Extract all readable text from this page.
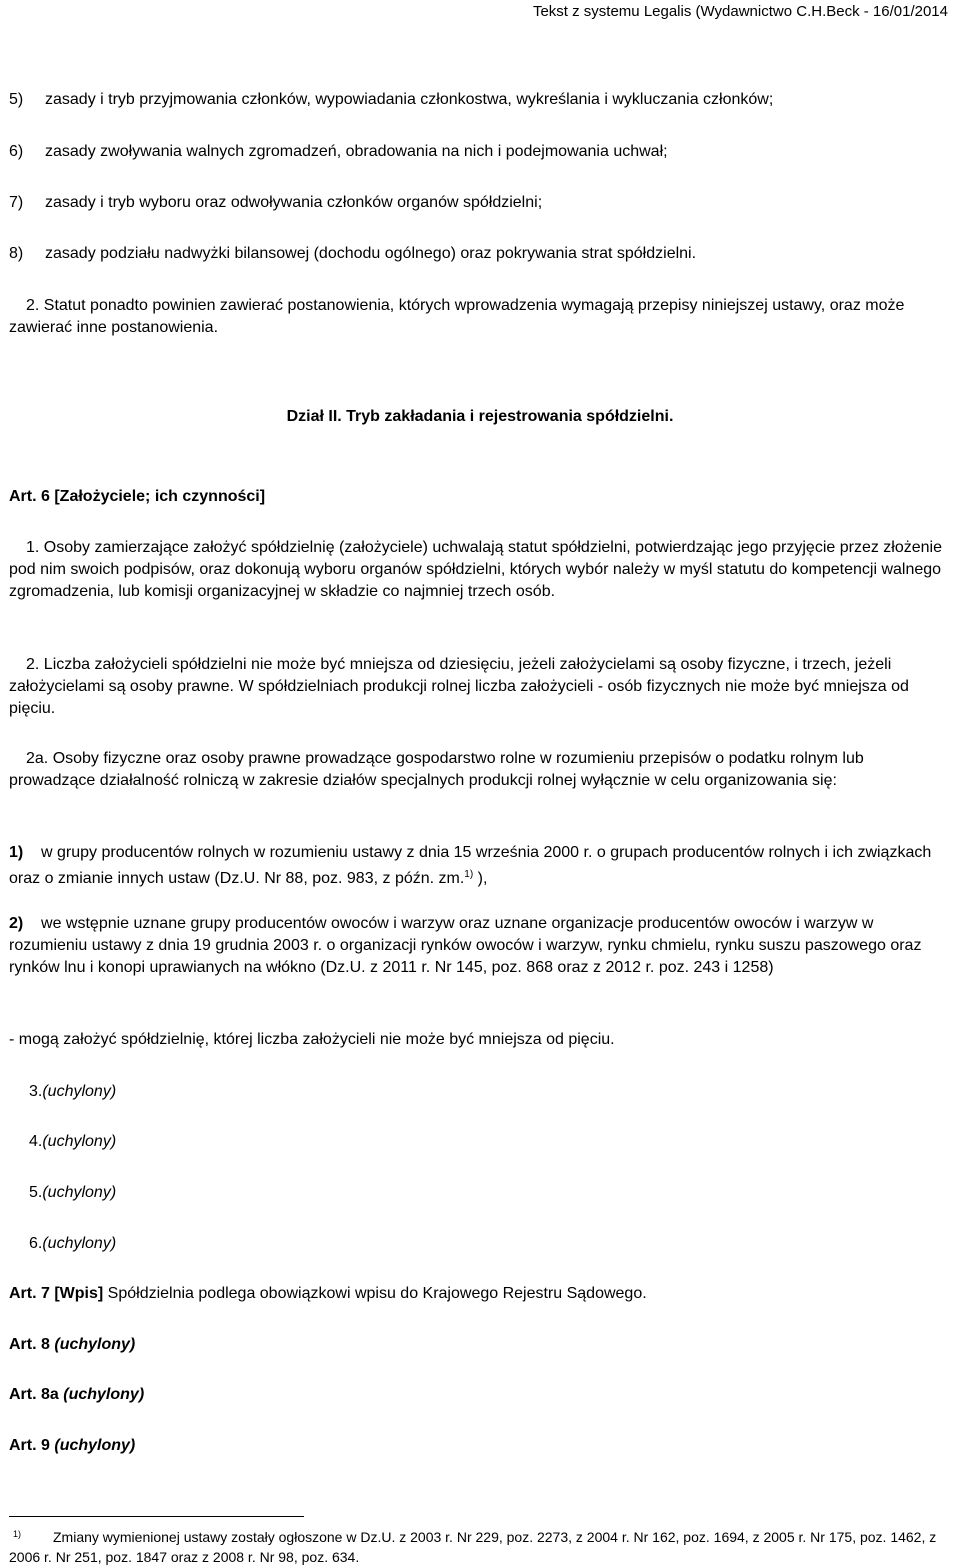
Tekst z systemu Legalis (Wydawnictwo C.H.Beck - 16/01/2014
5) zasady i tryb przyjmowania członków, wypowiadania członkostwa, wykreślania i wykluczania członków;
6) zasady zwoływania walnych zgromadzeń, obradowania na nich i podejmowania uchwał;
7) zasady i tryb wyboru oraz odwoływania członków organów spółdzielni;
8) zasady podziału nadwyżki bilansowej (dochodu ogólnego) oraz pokrywania strat spółdzielni.
2. Statut ponadto powinien zawierać postanowienia, których wprowadzenia wymagają przepisy niniejszej ustawy, oraz może zawierać inne postanowienia.
Dział II. Tryb zakładania i rejestrowania spółdzielni.
Art. 6 [Założyciele; ich czynności]
1. Osoby zamierzające założyć spółdzielnię (założyciele) uchwalają statut spółdzielni, potwierdzając jego przyjęcie przez złożenie pod nim swoich podpisów, oraz dokonują wyboru organów spółdzielni, których wybór należy w myśl statutu do kompetencji walnego zgromadzenia, lub komisji organizacyjnej w składzie co najmniej trzech osób.
2. Liczba założycieli spółdzielni nie może być mniejsza od dziesięciu, jeżeli założycielami są osoby fizyczne, i trzech, jeżeli założycielami są osoby prawne. W spółdzielniach produkcji rolnej liczba założycieli - osób fizycznych nie może być mniejsza od pięciu.
2a. Osoby fizyczne oraz osoby prawne prowadzące gospodarstwo rolne w rozumieniu przepisów o podatku rolnym lub prowadzące działalność rolniczą w zakresie działów specjalnych produkcji rolnej wyłącznie w celu organizowania się:
1) w grupy producentów rolnych w rozumieniu ustawy z dnia 15 września 2000 r. o grupach producentów rolnych i ich związkach oraz o zmianie innych ustaw (Dz.U. Nr 88, poz. 983, z późn. zm.$^{1)}$ ),
2) we wstępnie uznane grupy producentów owoców i warzyw oraz uznane organizacje producentów owoców i warzyw w rozumieniu ustawy z dnia 19 grudnia 2003 r. o organizacji rynków owoców i warzyw, rynku chmielu, rynku suszu paszowego oraz rynków lnu i konopi uprawianych na włókno (Dz.U. z 2011 r. Nr 145, poz. 868 oraz z 2012 r. poz. 243 i 1258)
- mogą założyć spółdzielnię, której liczba założycieli nie może być mniejsza od pięciu.
3.(uchylony)
4.(uchylony)
5.(uchylony)
6.(uchylony)
Art. 7 [Wpis] Spółdzielnia podlega obowiązkowi wpisu do Krajowego Rejestru Sądowego.
Art. 8 (uchylony)
Art. 8a (uchylony)
Art. 9 (uchylony)
1) Zmiany wymienionej ustawy zostały ogłoszone w Dz.U. z 2003 r. Nr 229, poz. 2273, z 2004 r. Nr 162, poz. 1694, z 2005 r. Nr 175, poz. 1462, z 2006 r. Nr 251, poz. 1847 oraz z 2008 r. Nr 98, poz. 634.
